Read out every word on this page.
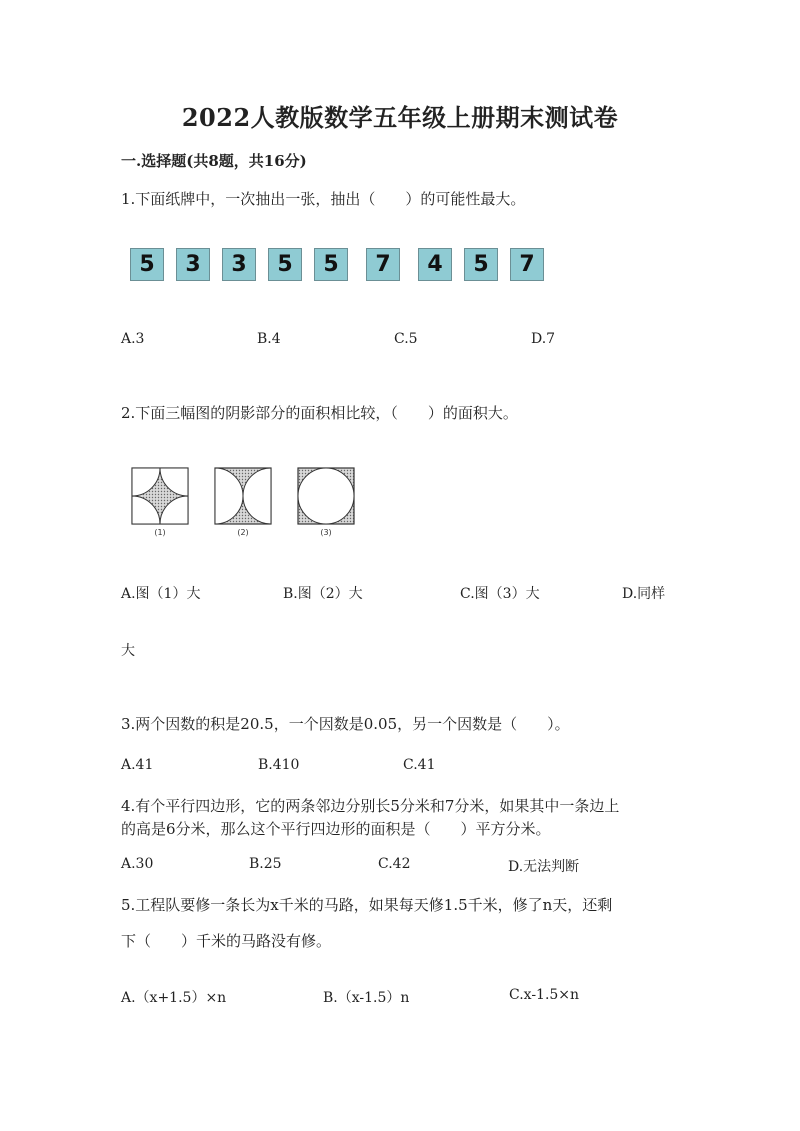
2022人教版数学五年级上册期末测试卷
一.选择题(共8题，共16分)
1.下面纸牌中，一次抽出一张，抽出（　　）的可能性最大。
5	3	3	5	5	7	4	5	7
A.3	B.4	C.5	D.7
2.下面三幅图的阴影部分的面积相比较，（　　）的面积大。
(1)	(2)	(3)
A.图（1）大	B.图（2）大	C.图（3）大	D.同样
大
3.两个因数的积是20.5，一个因数是0.05，另一个因数是（　　）。
A.41	B.410	C.41
4.有个平行四边形，它的两条邻边分别长5分米和7分米，如果其中一条边上
的高是6分米，那么这个平行四边形的面积是（　　）平方分米。
A.30	B.25	C.42	D.无法判断
5.工程队要修一条长为x千米的马路，如果每天修1.5千米，修了n天，还剩
下（　　）千米的马路没有修。
A.（x+1.5）×n	B.（x-1.5）n	C.x-1.5×n
